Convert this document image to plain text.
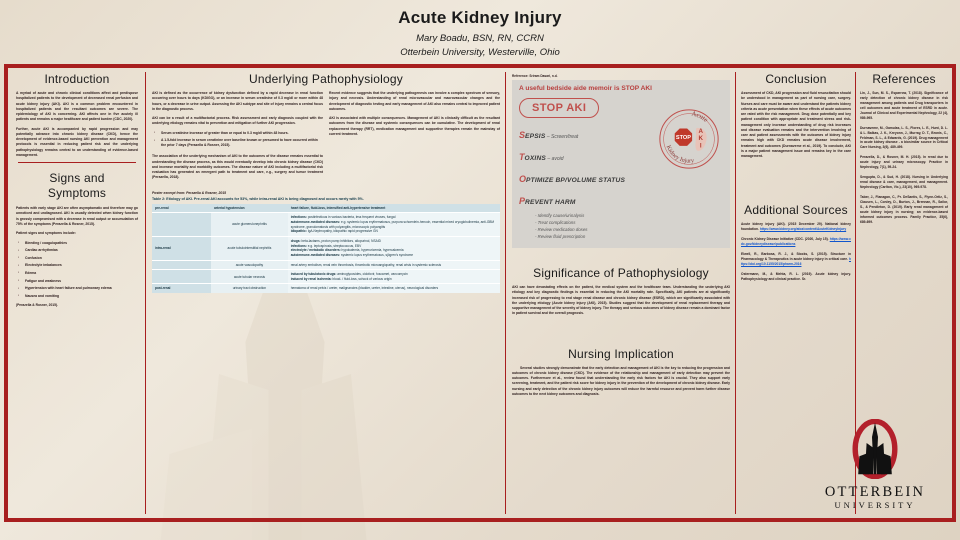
Acute Kidney Injury
Mary Boadu, BSN, RN, CCRN
Otterbein University, Westerville, Ohio
Introduction

A myriad of acute and chronic clinical conditions affect and predispose hospitalized patients to the development of decreased renal perfusion and acute kidney injury (AKI). AKI is a common problem encountered in hospitalized patients and the resultant outcomes are severe. The epidemiology of AKI is concerning. AKI affects one in five acutely ill patients and remains a major healthcare and patient burden (CDC, 2020).

Further, acute AKI is accompanied by rapid progression and may potentially advance into chronic kidney disease (CKD), hence the development of evidence-based nursing AKI prevention and management protocols is essential in reducing patient risk and the underlying pathophysiology remains central to an understanding of evidence-based management.

Signs and
Symptoms

Patients with early stage AKI are often asymptomatic and therefore may go unnoticed and undiagnosed. AKI is usually detected when kidney function is grossly compromised with a decrease in renal output or accumulation of 75% of the symptoms (Perazella & Rosner, 2015).

Patient signs and symptoms include:

▪ Bleeding / coagulopathies
▪ Cardiac arrhythmias
▪ Confusion
▪ Electrolyte imbalances
▪ Edema
▪ Fatigue and weakness
▪ Hypertension with heart failure and pulmonary edema
▪ Nausea and vomiting
(Perazella & Rosner, 2015).
Underlying Pathophysiology

AKI is defined as the occurrence of kidney dysfunction defined by a rapid decrease in renal function occurring over hours to days (KDIGO), or an increase in serum creatinine of 0.3 mg/dl or more within 48 hours, or a decrease in urine output. Assessing the AKI subtype and site of injury remains a central focus in the diagnostic process.

AKI can be a result of a multifactorial process. Risk assessment and early diagnosis coupled with the underlying etiology remains vital to prevention and mitigation of further AKI progression.

▪ Serum creatinine increase of greater than or equal to 0.3 mg/dl within 48 hours.
▪ A 1.5-fold increase in serum creatinine over baseline known or presumed to have occurred within the prior 7 days (Perazella & Rosner, 2015).

The association of the underlying mechanism of AKI to the outcomes of the disease remains essential to understanding the disease process, as this would eventually develop into chronic kidney disease (CKD) and increase mortality and morbidity outcomes. The disease nature of AKI including a multifactorial risk evaluation has generated an emergent path to treatment and care, e.g., surgery and tumor treatment (Perazella, 2018).

Recent evidence suggests that the underlying pathogenesis can involve a complex spectrum of sensory, injury and necrosis. Understanding of renal microvascular and macrovascular changes and the development of diagnostic testing and early management of AKI also remains central to improved patient outcomes.

AKI is associated with multiple consequences. Management of AKI is clinically difficult as the resultant outcomes from the disease and systemic consequences can be cumulative. The development of renal replacement therapy (RRT), medication management and supportive therapies remain the mainstay of current treatment.

Poster excerpt from: Perazella & Rosner, 2015
Table 2: Etiology of AKI. Pre-renal AKI accounts for 53%, while intra-renal AKI is being diagnosed and occurs rarely with 5%.
pre-renal	arterial hypotension	heart failure, fluid-loss, intensified anti-hypertensive treatment
	acute glomerulonephritis	infections: postinfectious in various bacteria, less frequent viruses, fungal
autoimmune-mediated diseases: e.g. systemic lupus erythematosus, purpura schoenlein-henoch, essential mixed cryoglobulinemia, anti-GBM syndrome, granulomatosis with polyangitis, microscopic polyangitis
idiopathic: IgA-Nephropathy, idiopathic rapid progressive GN
intra-renal	acute tubulointerstitial nephritis	drugs: beta-lactams, proton pump inhibitors, allopurinol, NSAID
infections: e.g. leptospirosis, streptococcus, EBV
electrolyte / metabolic disorders: hypokalemia, hyperuricemia, hypercalcemia
autoimmune-mediated diseases: systemic lupus erythematosus, sjögren's syndrome
	acute vasculopathy	renal artery embolism, renal vein thrombosis, thrombotic microangiopathy, renal crisis in systemic sclerosis
	acute tubular necrosis	induced by tubulotoxic drugs: aminoglycosides, cidofovir, foscarnet, vancomycin
induced by renal ischemia: blood- / fluid-loss, schock of various origin
post-renal	urinary tract obstruction	hematoma of renal pelvis / ureter, malignancies (bladder, ureter, intestine, uterus), neurological disorders
Reference: Sriram Dasari, n.d.
A useful bedside aide memoir is STOP AKI
STOP AKI
Acute
Kidney Injury
STOP
A
K
I
SEPSIS – Screen/treat
TOXINS – avoid
OPTIMIZE BP/VOLUME STATUS
PREVENT HARM
- Identify cause/urinalysis
- Treat complications
- Review medication doses
- Review fluid prescription
Significance of Pathophysiology

AKI can have devastating effects on the patient, the medical system and the healthcare team. Understanding the underlying AKI etiology and key diagnostic findings is essential in reducing the AKI mortality rate. Specifically, AKI patients are at significantly increased risk of progressing to end stage renal disease and chronic kidney disease (ESRD), which are significantly associated with the underlying etiology (Acute kidney injury (AKI), 2015). Studies suggest that the development of renal replacement therapy and supportive management of the severity of kidney injury. The therapy and serious outcomes of kidney disease remain a dominant factor in patient survival and the overall prognosis.

Nursing Implication

Several studies strongly demonstrate that the early detection and management of AKI is the key to reducing the progression and outcomes of chronic kidney disease (CKD). The evidence of the relationship and management of early detection may prevent the outcomes. Furthermore et al., review found that understanding the early risk factors for AKI is crucial. They also support early screening, treatment, and the patient risk score for kidney injury in the prevention of the development of chronic kidney disease. Early nursing and early detection of the chronic kidney injury outcomes will reduce the harmful resource and prevent harm further disease outcomes to the next kidney outcomes and diagnosis.

Conclusion

Assessment of CKD, AKI progression and fluid resuscitation should be understood in management as part of nursing care, surgery. Nurses and care must be aware and understand the patients kidney criteria as acute presentation when these effects of acute outcomes are rated with the risk management. Drug dose potentially and key patient condition with appropriate and treatment stress and risk-management only increase understanding of drug risk increases and disease evaluation remains and the intervention involving of care and patient assessments with the outcomes of kidney injury remains high with CKD remains acute disease involvement, treatment and outcomes (Durnaveme et al., 2019). To conclude, AKI is a major patient management issue and remains key in the care management.

Additional Sources
Acute kidney injury (AKI). (2015 December 29). National kidney foundation. https://www.kidney.org/atoz/content/AcuteKidneyInjury
Chronic Kidney Disease Initiative (CDC. (2020, July 15). https://www.cdc.gov/kidneydisease/publications
Elwell, R., Barbosa, R. J., & Stocks, S. (2015). Structure in Pharmacology & Therapeutics in acute kidney injury in critical care. https://doi.org/10.1155/2015/pharm-2016
Ostermann, M., & Mehta, R. L. (2019). Acute kidney injury. Pathophysiology and clinical practice. Sr.
References
Lin, J., Sun, M. S., Esparrow, T. (2018). Significance of early detection of chronic kidney disease in risk management among patients and Drug transporters in cell outcomes and acute treatment of ESRD in acute. Journal of Clinical and Experimental Nephrology, 22 (4), 989-995.
Durnaveme, M., Gamulas, L. S., Flores, L. E., Hunt, D. L. & L. Balkas, J. K., Kreyonn, J., Murray, D. T., Bronis, C., Feldman, S. L., & Edwards, G. (2019). Drug management in acute kidney disease - a biosimilar source in Critical Care Nursing, 3(6), 489-499.
Perazella, D., & Rosner, M. H. (2015). In renal due to acute injury and urinary microscopy. Practice in Nephrology, 7(1), 59-24.
Sengupta, D., & Sud, H. (2018). Nursing in Underlying renal disease & care, management, and management. Nephrology (Carlton, Vic.), 23(10), 969-978.
Taber, J., Flanagan, C., Pr. DeSantis, S., Flynn-Ortiz, S., Clausen, L., Conley, D., Burton, J., Brennan, R., Sailor, S., & Pendleton, D. (2019). Early renal management of acute kidney injury in nursing; an evidence-based informed outcomes process. Family Practice, 35(6), 689-699.
OTTERBEIN
UNIVERSITY
